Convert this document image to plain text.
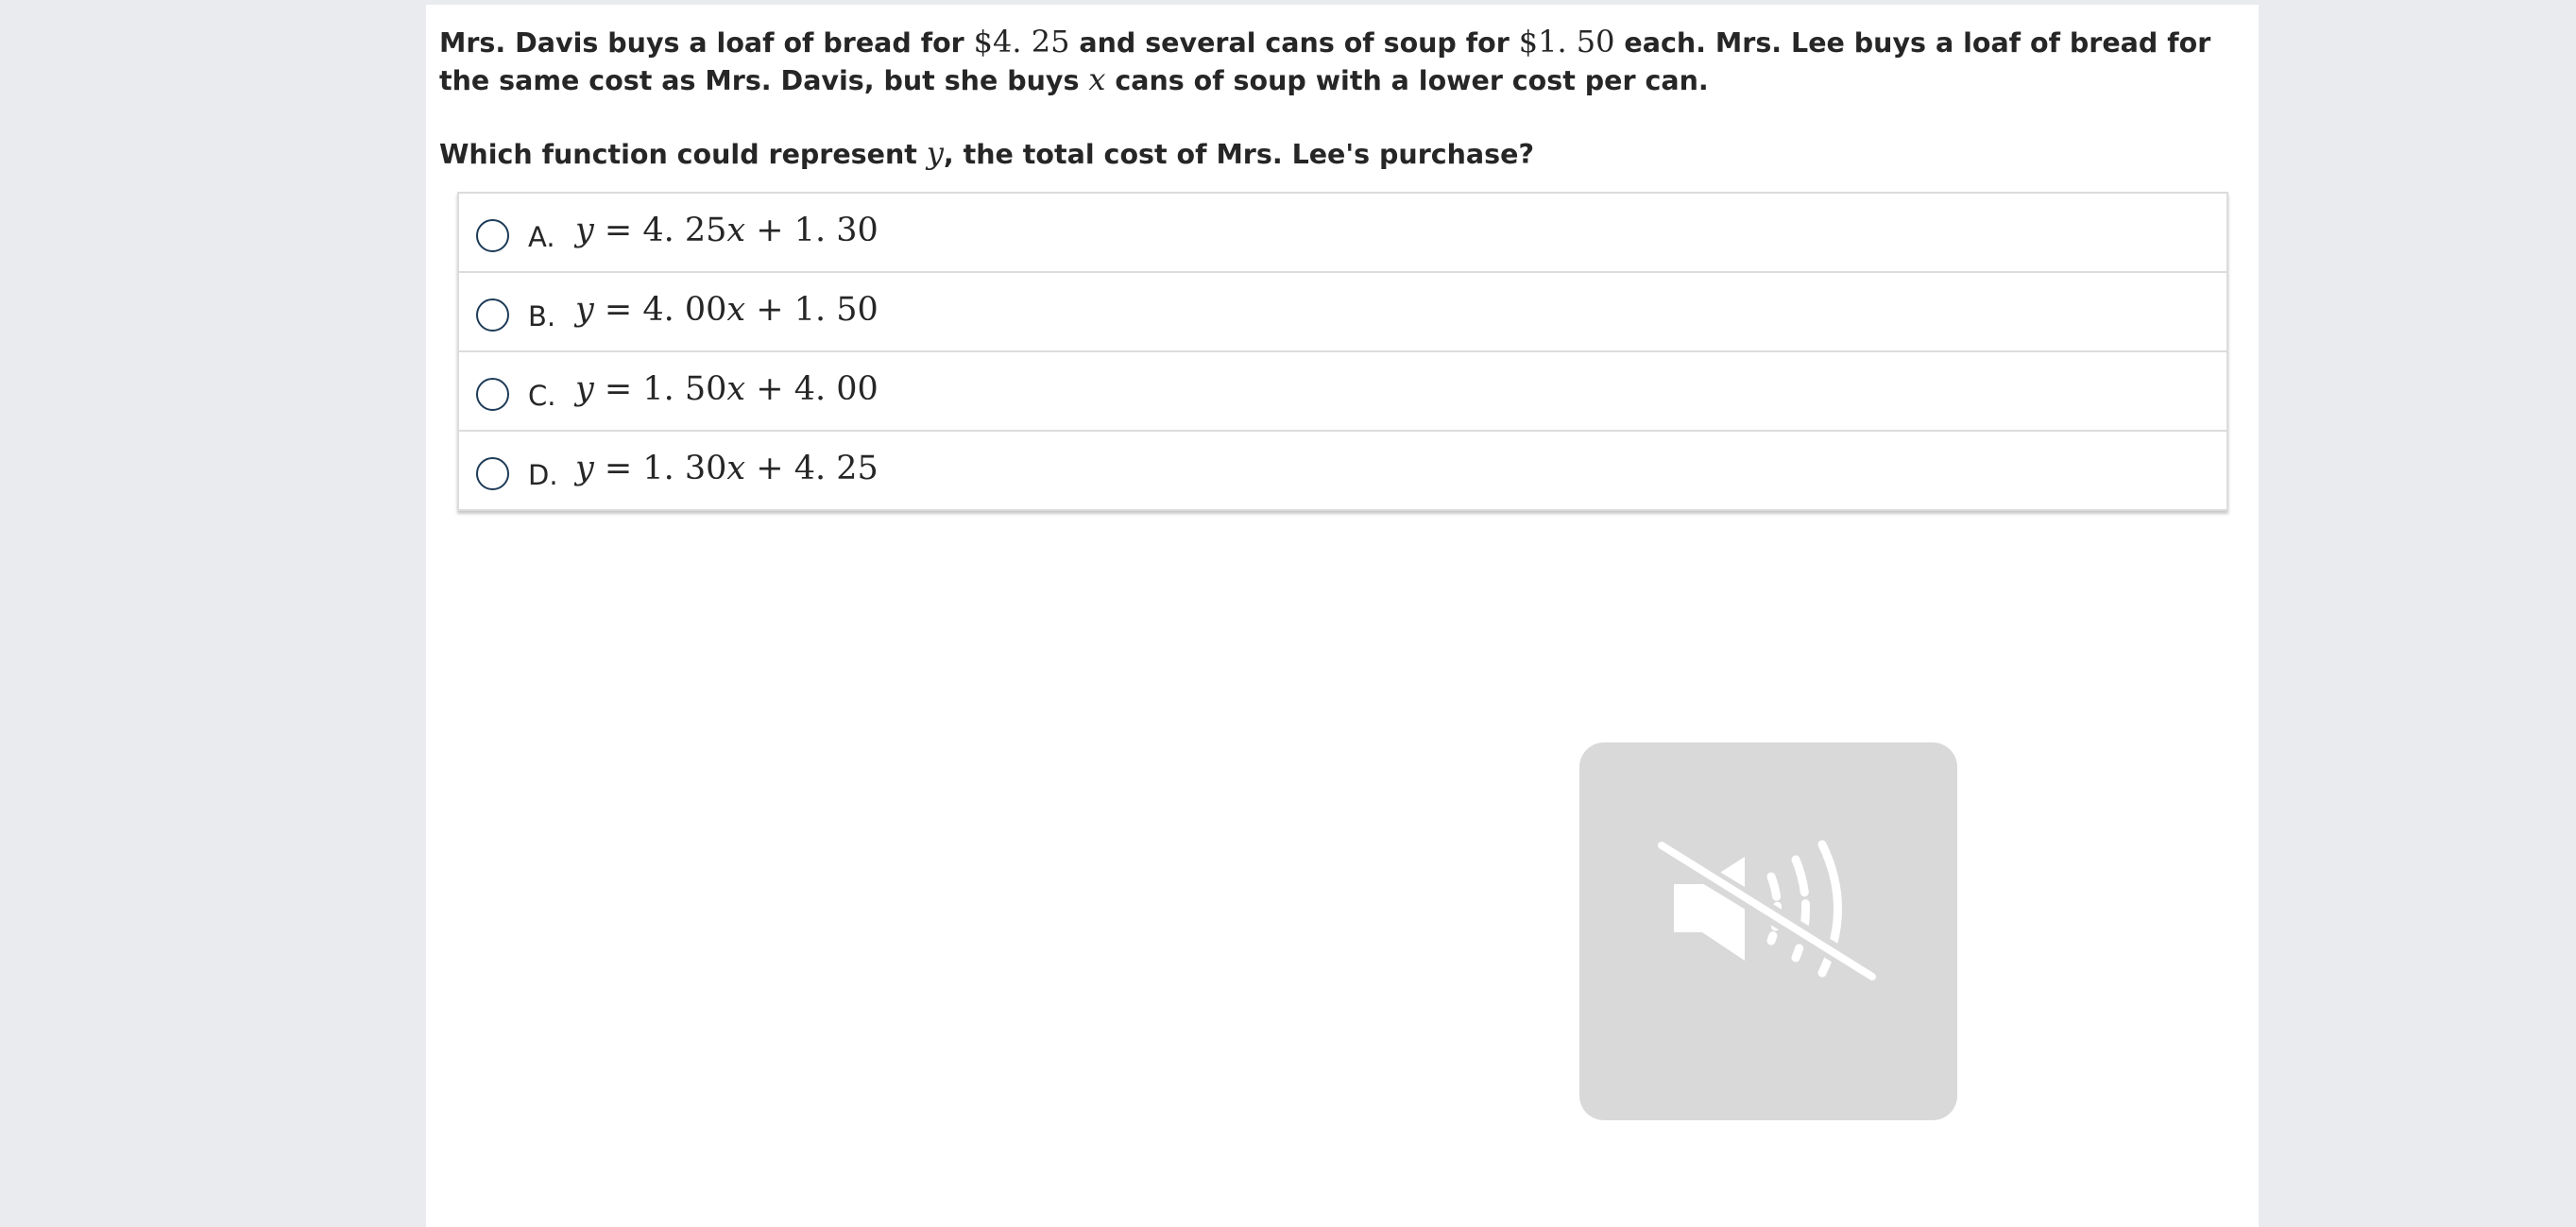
Mrs. Davis buys a loaf of bread for $4. 25 and several cans of soup for $1. 50 each. Mrs. Lee buys a loaf of bread for the same cost as Mrs. Davis, but she buys x cans of soup with a lower cost per can.
Which function could represent y, the total cost of Mrs. Lee's purchase?
A. y = 4. 25x + 1. 30
B. y = 4. 00x + 1. 50
C. y = 1. 50x + 4. 00
D. y = 1. 30x + 4. 25
